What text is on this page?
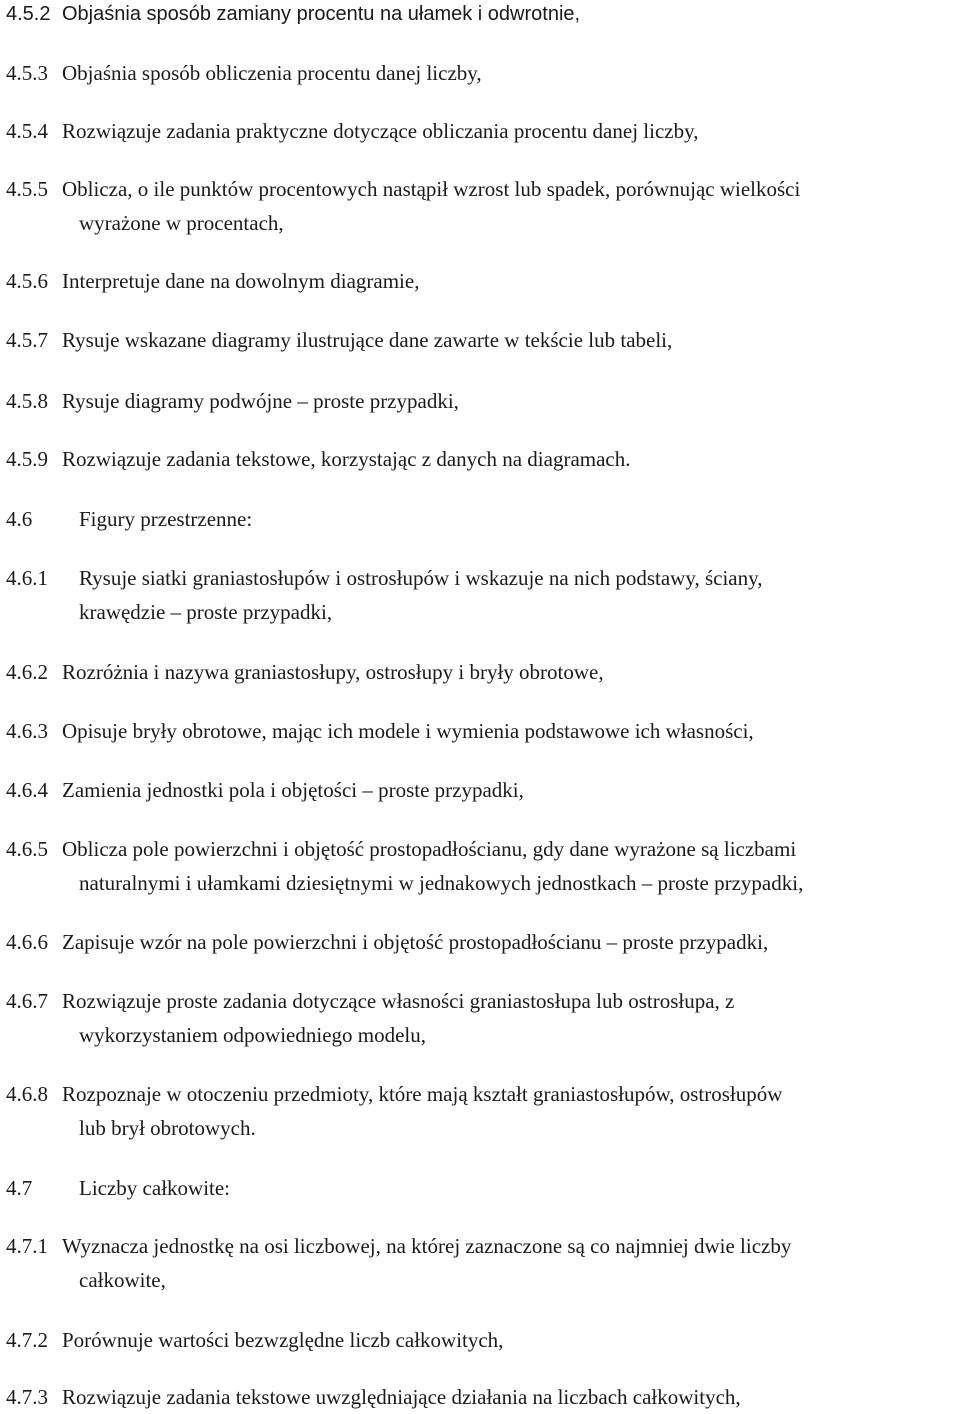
4.5.2 Objaśnia sposób zamiany procentu na ułamek i odwrotnie,
4.5.3 Objaśnia sposób obliczenia procentu danej liczby,
4.5.4 Rozwiązuje zadania praktyczne dotyczące obliczania procentu danej liczby,
4.5.5 Oblicza, o ile punktów procentowych nastąpił wzrost lub spadek, porównując wielkości
wyrażone w procentach,
4.5.6 Interpretuje dane na dowolnym diagramie,
4.5.7 Rysuje wskazane diagramy ilustrujące dane zawarte w tekście lub tabeli,
4.5.8 Rysuje diagramy podwójne – proste przypadki,
4.5.9 Rozwiązuje zadania tekstowe, korzystając z danych na diagramach.
4.6 Figury przestrzenne:
4.6.1 Rysuje siatki graniastosłupów i ostrosłupów i wskazuje na nich podstawy, ściany,
krawędzie – proste przypadki,
4.6.2 Rozróżnia i nazywa graniastosłupy, ostrosłupy i bryły obrotowe,
4.6.3 Opisuje bryły obrotowe, mając ich modele i wymienia podstawowe ich własności,
4.6.4 Zamienia jednostki pola i objętości – proste przypadki,
4.6.5 Oblicza pole powierzchni i objętość prostopadłościanu, gdy dane wyrażone są liczbami
naturalnymi i ułamkami dziesiętnymi w jednakowych jednostkach – proste przypadki,
4.6.6 Zapisuje wzór na pole powierzchni i objętość prostopadłościanu – proste przypadki,
4.6.7 Rozwiązuje proste zadania dotyczące własności graniastosłupa lub ostrosłupa, z
wykorzystaniem odpowiedniego modelu,
4.6.8 Rozpoznaje w otoczeniu przedmioty, które mają kształt graniastosłupów, ostrosłupów
lub brył obrotowych.
4.7 Liczby całkowite:
4.7.1 Wyznacza jednostkę na osi liczbowej, na której zaznaczone są co najmniej dwie liczby
całkowite,
4.7.2 Porównuje wartości bezwzględne liczb całkowitych,
4.7.3 Rozwiązuje zadania tekstowe uwzględniające działania na liczbach całkowitych,
